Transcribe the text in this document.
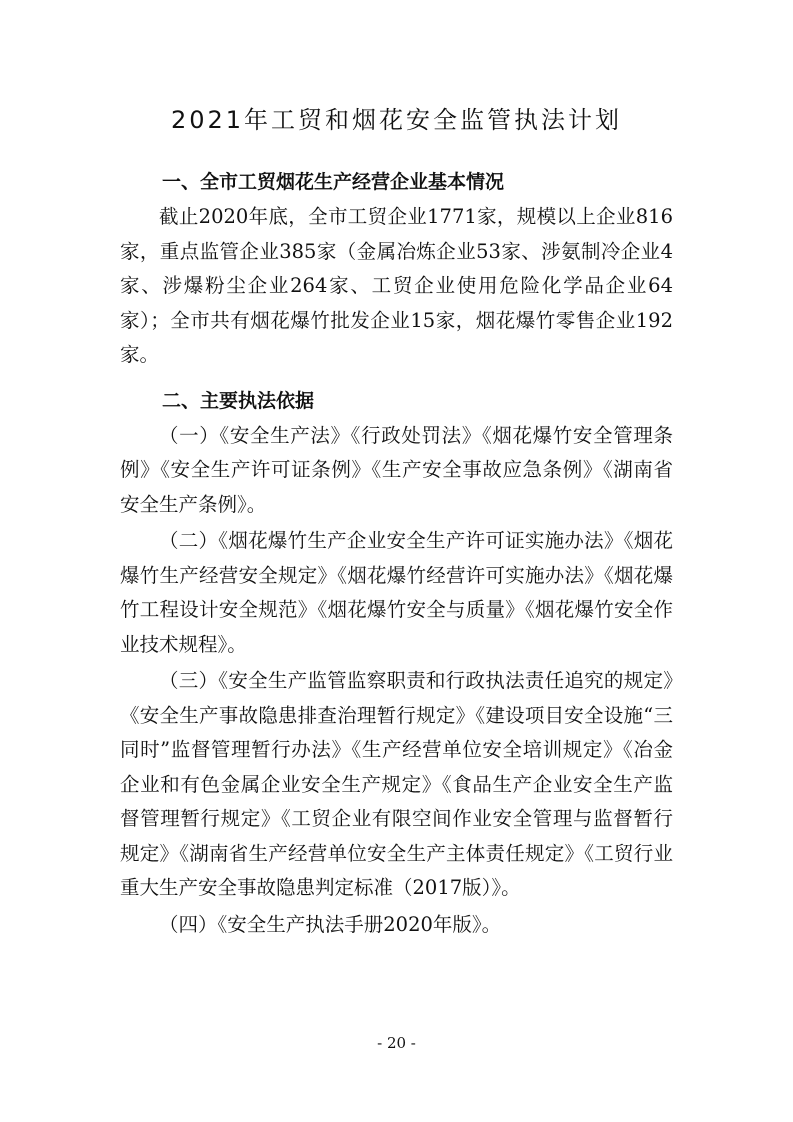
2021年工贸和烟花安全监管执法计划
一、全市工贸烟花生产经营企业基本情况

截止2020年底，全市工贸企业1771家，规模以上企业816家，重点监管企业385家（金属冶炼企业53家、涉氨制冷企业4家、涉爆粉尘企业264家、工贸企业使用危险化学品企业64家）；全市共有烟花爆竹批发企业15家，烟花爆竹零售企业192家。

二、主要执法依据

（一）《安全生产法》《行政处罚法》《烟花爆竹安全管理条例》《安全生产许可证条例》《生产安全事故应急条例》《湖南省安全生产条例》。

（二）《烟花爆竹生产企业安全生产许可证实施办法》《烟花爆竹生产经营安全规定》《烟花爆竹经营许可实施办法》《烟花爆竹工程设计安全规范》《烟花爆竹安全与质量》《烟花爆竹安全作业技术规程》。

（三）《安全生产监管监察职责和行政执法责任追究的规定》《安全生产事故隐患排查治理暂行规定》《建设项目安全设施“三同时”监督管理暂行办法》《生产经营单位安全培训规定》《冶金企业和有色金属企业安全生产规定》《食品生产企业安全生产监督管理暂行规定》《工贸企业有限空间作业安全管理与监督暂行规定》《湖南省生产经营单位安全生产主体责任规定》《工贸行业重大生产安全事故隐患判定标准（2017版）》。

（四）《安全生产执法手册2020年版》。

- 20 -
